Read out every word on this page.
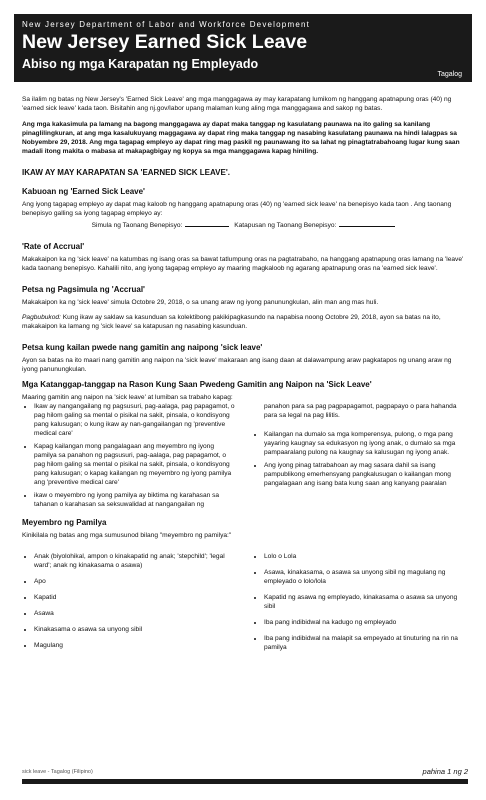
New Jersey Department of Labor and Workforce Development
New Jersey Earned Sick Leave
Abiso ng mga Karapatan ng Empleyado
Tagalog

Sa ilalim ng batas ng New Jersey's 'Earned Sick Leave' ang mga manggagawa ay may karapatang lumikom ng hanggang apatnapung oras (40) ng 'earned sick leave' kada taon. Bisitahin ang nj.gov/labor upang malaman kung aling mga manggagawa and sakop ng batas.

Ang mga kakasimula pa lamang na bagong manggagawa ay dapat maka tanggap ng kasulatang paunawa na ito galing sa kanilang pinaglilingkuran, at ang mga kasalukuyang maggagawa ay dapat ring maka tanggap ng nasabing kasulatang paunawa na hindi lalagpas sa Nobyembre 29, 2018. Ang mga tagapag empleyo ay dapat ring mag paskil ng paunawang ito sa lahat ng pinagtatrabahoang lugar kung saan madali itong makita o mabasa at makapagbigay ng kopya sa mga manggagawa kapag hiniling.

IKAW AY MAY KARAPATAN SA 'EARNED SICK LEAVE'.

Kabuoan ng 'Earned Sick Leave'

Ang iyong tagapag empleyo ay dapat mag kaloob ng hanggang apatnapung oras (40) ng 'earned sick leave' na benepisyo kada taon . Ang taonang benepisyo galling sa iyong tagapag empleyo ay:

Simula ng Taonang Benepisyo:	Katapusan ng Taonang Benepisyo:

'Rate of Accrual'

Makakaipon ka ng 'sick leave' na katumbas ng isang oras sa bawat tatlumpung oras na pagtatrabaho, na hanggang apatnapung oras lamang na 'leave' kada taonang benepisyo. Kahalili nito, ang iyong tagapag empleyo ay maaring magkaloob ng agarang apatnapung oras na 'earned sick leave'.

Petsa ng Pagsimula ng 'Accrual'

Makakaipon ka ng 'sick leave' simula Octobre 29, 2018, o sa unang araw ng iyong panunungkulan, alin man ang mas huli.

Pagbubukod: Kung ikaw ay saklaw sa kasunduan sa kolektibong pakikipagkasundo na napabisa noong Octobre 29, 2018, ayon sa batas na ito, makakaipon ka lamang ng 'sick leave' sa katapusan ng nasabing kasunduan.

Petsa kung kailan pwede nang gamitin ang naipong 'sick leave'

Ayon sa batas na ito maari nang gamitin ang naipon na 'sick leave' makaraan ang isang daan at dalawampung araw pagkatapos ng unang araw ng iyong panunungkulan.

Mga Katanggap-tanggap na Rason Kung Saan Pwedeng Gamitin ang Naipon na 'Sick Leave'

Maaring gamitin ang naipon na 'sick leave' at lumiban sa trabaho kapag:

• Ikaw ay nangangailang ng pagsusuri, pag-aalaga, pag papagamot, o pag hilom galing sa mental o pisikal na sakit, pinsala, o kondisyong pang kalusugan; o kung ikaw ay nan-gangailangan ng 'preventive medical care'
• Kapag kailangan mong pangalagaan ang meyembro ng iyong pamilya sa panahon ng pagsusuri, pag-aalaga, pag papagamot, o pag hilom galing sa mental o pisikal na sakit, pinsala, o kondisyong pang kalusugan; o kapag kailangan ng meyembro ng iyong pamilya ang 'preventive medical care'
• ikaw o meyembro ng iyong pamilya ay biktima ng karahasan sa tahanan o karahasan sa seksuwalidad at nangangailan ng

panahon para sa pag pagpapagamot, pagpapayo o para hahanda para sa legal na pag lilitis.

• Kailangan na dumalo sa mga komperensya, pulong, o mga pang yayaring kaugnay sa edukasyon ng iyong anak, o dumalo sa mga pampaaralang pulong na kaugnay sa kalusugan ng iyong anak.
• Ang iyong pinag tatrabahoan ay mag sasara dahil sa isang pampublikong emerhensyang pangkalusugan o kailangan mong pangalagaan ang isang bata kung saan ang kanyang paaralan

Meyembro ng Pamilya

Kinikilala ng batas ang mga sumusunod bilang "meyembro ng pamilya:"

• Anak (biyolohikal, ampon o kinakapatid ng anak; 'stepchild'; 'legal ward'; anak ng kinakasama o asawa)
• Apo
• Kapatid
• Asawa
• Kinakasama o asawa sa unyong sibil
• Magulang
• Lolo o Lola
• Asawa, kinakasama, o asawa sa unyong sibil ng magulang ng empleyado o lolo/lola
• Kapatid ng asawa ng empleyado, kinakasama o asawa sa unyong sibil
• Iba pang indibidwal na kadugo ng empleyado
• Iba pang indibidwal na malapit sa empeyado at tinuturing na rin na pamilya
sick leave - Tagalog (Filipino)	pahina 1 ng 2
